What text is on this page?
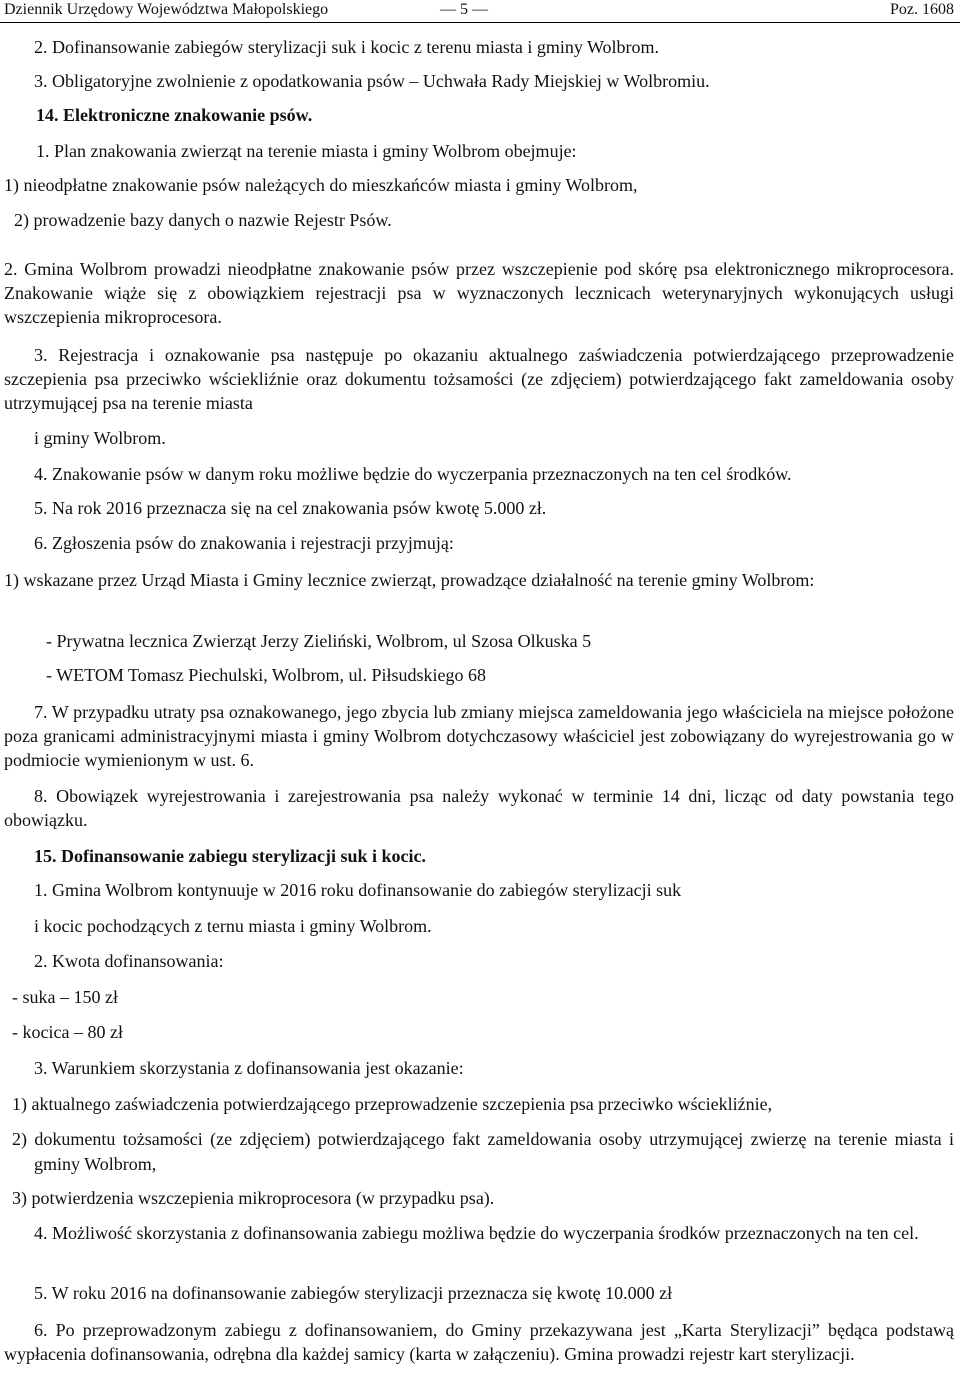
Dziennik Urzędowy Województwa Małopolskiego	— 5 —	Poz. 1608
2. Dofinansowanie zabiegów sterylizacji suk i kocic z terenu miasta i gminy Wolbrom.
3. Obligatoryjne zwolnienie z opodatkowania psów – Uchwała Rady Miejskiej w Wolbromiu.
14. Elektroniczne znakowanie psów.
1. Plan znakowania zwierząt na terenie miasta i gminy Wolbrom obejmuje:
1) nieodpłatne znakowanie psów należących do mieszkańców miasta i gminy Wolbrom,
2) prowadzenie bazy danych o nazwie Rejestr Psów.
2. Gmina Wolbrom prowadzi nieodpłatne znakowanie psów przez wszczepienie pod skórę psa elektronicznego mikroprocesora. Znakowanie wiąże się z obowiązkiem rejestracji psa w wyznaczonych lecznicach weterynaryjnych wykonujących usługi wszczepienia mikroprocesora.
3. Rejestracja i oznakowanie psa następuje po okazaniu aktualnego zaświadczenia potwierdzającego przeprowadzenie szczepienia psa przeciwko wściekliźnie oraz dokumentu tożsamości (ze zdjęciem) potwierdzającego fakt zameldowania osoby utrzymującej psa na terenie miasta
i gminy Wolbrom.
4. Znakowanie psów w danym roku możliwe będzie do wyczerpania przeznaczonych na ten cel środków.
5. Na rok 2016 przeznacza się na cel znakowania psów kwotę 5.000 zł.
6. Zgłoszenia psów do znakowania i rejestracji przyjmują:
1) wskazane przez Urząd Miasta i Gminy lecznice zwierząt, prowadzące działalność na terenie gminy Wolbrom:
- Prywatna lecznica Zwierząt Jerzy Zieliński, Wolbrom, ul Szosa Olkuska 5
- WETOM Tomasz Piechulski, Wolbrom, ul. Piłsudskiego 68
7. W przypadku utraty psa oznakowanego, jego zbycia lub zmiany miejsca zameldowania jego właściciela na miejsce położone poza granicami administracyjnymi miasta i gminy Wolbrom dotychczasowy właściciel jest zobowiązany do wyrejestrowania go w podmiocie wymienionym w ust. 6.
8. Obowiązek wyrejestrowania i zarejestrowania psa należy wykonać w terminie 14 dni, licząc od daty powstania tego obowiązku.
15. Dofinansowanie zabiegu sterylizacji suk i kocic.
1. Gmina Wolbrom kontynuuje w 2016 roku dofinansowanie do zabiegów sterylizacji suk
i kocic pochodzących z ternu miasta i gminy Wolbrom.
2. Kwota dofinansowania:
- suka – 150 zł
- kocica – 80 zł
3. Warunkiem skorzystania z dofinansowania jest okazanie:
1) aktualnego zaświadczenia potwierdzającego przeprowadzenie szczepienia psa przeciwko wściekliźnie,
2) dokumentu tożsamości (ze zdjęciem) potwierdzającego fakt zameldowania osoby utrzymującej zwierzę na terenie miasta i gminy Wolbrom,
3) potwierdzenia wszczepienia mikroprocesora (w przypadku psa).
4. Możliwość skorzystania z dofinansowania zabiegu możliwa będzie do wyczerpania środków przeznaczonych na ten cel.
5. W roku 2016 na dofinansowanie zabiegów sterylizacji przeznacza się kwotę 10.000 zł
6. Po przeprowadzonym zabiegu z dofinansowaniem, do Gminy przekazywana jest „Karta Sterylizacji” będąca podstawą wypłacenia dofinansowania, odrębna dla każdej samicy (karta w załączeniu). Gmina prowadzi rejestr kart sterylizacji.
